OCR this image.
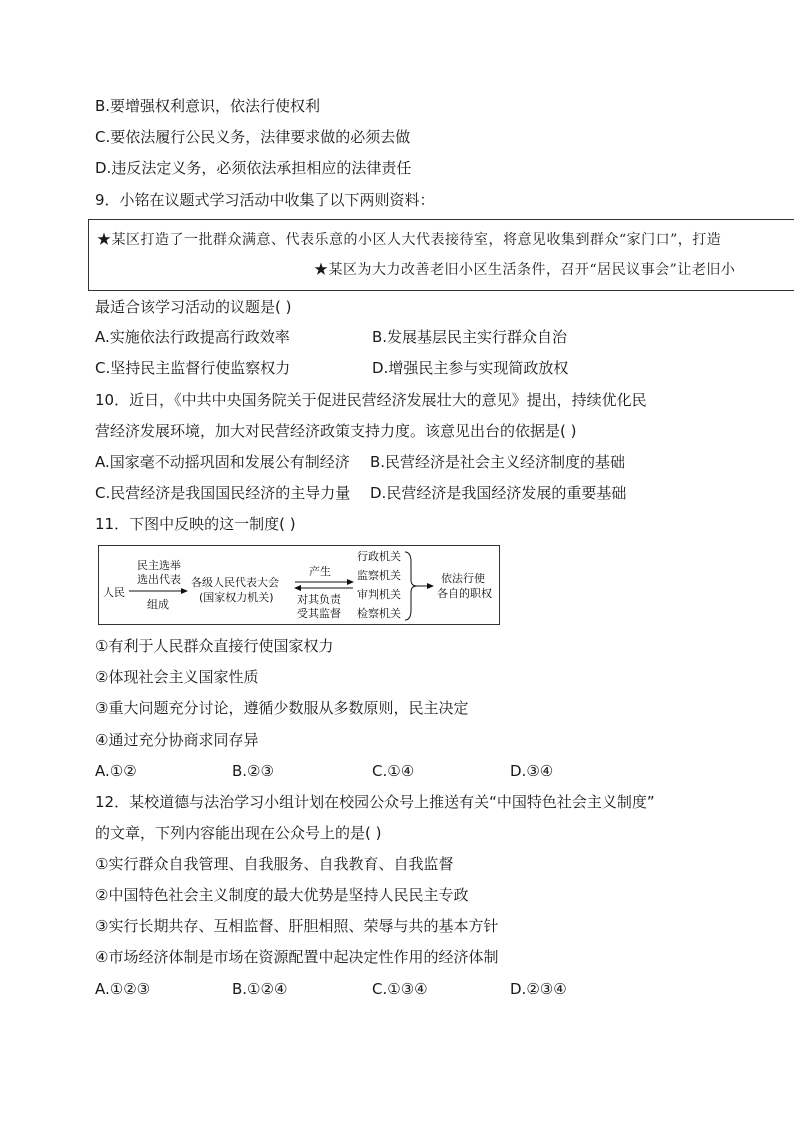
B.要增强权利意识，依法行使权利
C.要依法履行公民义务，法律要求做的必须去做
D.违反法定义务，必须依法承担相应的法律责任
9．小铭在议题式学习活动中收集了以下两则资料：
★某区打造了一批群众满意、代表乐意的小区人大代表接待室，将意见收集到群众“家门口”，打造
★某区为大力改善老旧小区生活条件，召开“居民议事会”让老旧小
最适合该学习活动的议题是( )
A.实施依法行政提高行政效率	B.发展基层民主实行群众自治
C.坚持民主监督行使监察权力	D.增强民主参与实现简政放权
10．近日，《中共中央国务院关于促进民营经济发展壮大的意见》提出，持续优化民
营经济发展环境，加大对民营经济政策支持力度。该意见出台的依据是( )
A.国家毫不动摇巩固和发展公有制经济 B.民营经济是社会主义经济制度的基础
C.民营经济是我国国民经济的主导力量 D.民营经济是我国经济发展的重要基础
11．下图中反映的这一制度( )
人民
民主选举
选出代表
组成
各级人民代表大会
(国家权力机关)
产生
对其负责
受其监督
行政机关
监察机关
审判机关
检察机关
依法行使
各自的职权
①有利于人民群众直接行使国家权力
②体现社会主义国家性质
③重大问题充分讨论，遵循少数服从多数原则，民主决定
④通过充分协商求同存异
A.①②	B.②③	C.①④	D.③④
12．某校道德与法治学习小组计划在校园公众号上推送有关“中国特色社会主义制度”
的文章，下列内容能出现在公众号上的是( )
①实行群众自我管理、自我服务、自我教育、自我监督
②中国特色社会主义制度的最大优势是坚持人民民主专政
③实行长期共存、互相监督、肝胆相照、荣辱与共的基本方针
④市场经济体制是市场在资源配置中起决定性作用的经济体制
A.①②③	B.①②④	C.①③④	D.②③④
